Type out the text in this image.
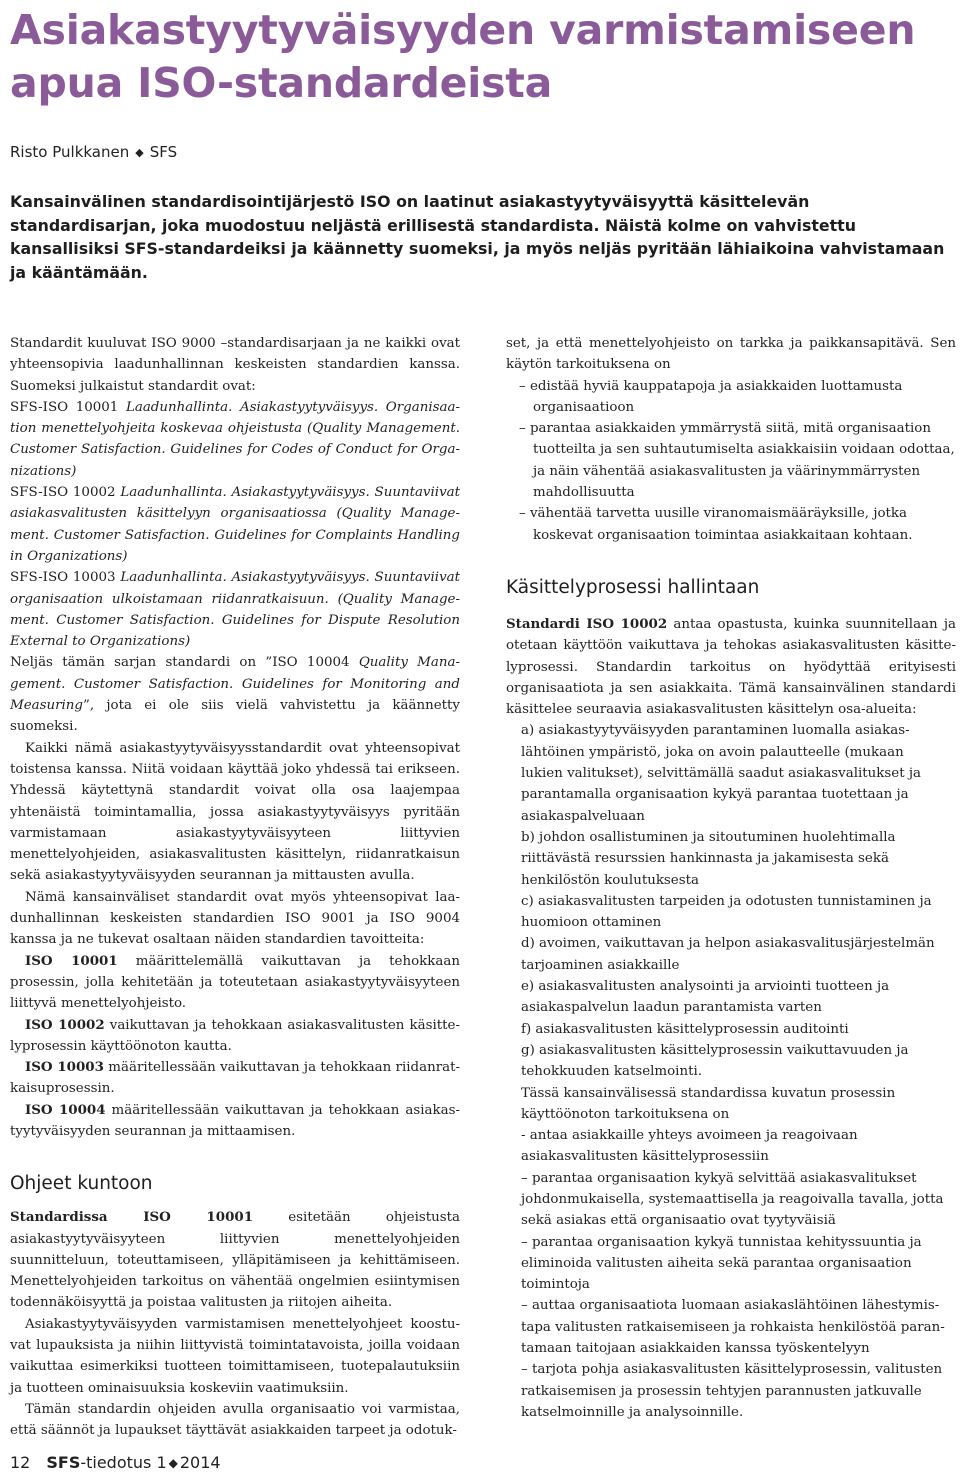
Asiakastyytyväisyyden varmistamiseen apua ISO-standardeista

Risto Pulkkanen ◆ SFS

Kansainvälinen standardisointijärjestö ISO on laatinut asiakastyytyväisyyttä käsittelevän standardisarjan, joka muodostuu neljästä erillisestä standardista. Näistä kolme on vahvistettu kansallisiksi SFS-standardeiksi ja käännetty suomeksi, ja myös neljäs pyritään lähiaikoina vahvistamaan ja kääntämään.

Standardit kuuluvat ISO 9000 –standardisarjaan ja ne kaikki ovat yhteensopivia laadunhallinnan keskeisten standardien kanssa. Suomeksi julkaistut standardit ovat:

SFS-ISO 10001 Laadunhallinta. Asiakastyytyväisyys. Organisaation menettelyohjeita koskevaa ohjeistusta (Quality Management. Customer Satisfaction. Guidelines for Codes of Conduct for Organizations)

SFS-ISO 10002 Laadunhallinta. Asiakastyytyväisyys. Suuntaviivat asiakasvalitusten käsittelyyn organisaatiossa (Quality Management. Customer Satisfaction. Guidelines for Complaints Handling in Organizations)

SFS-ISO 10003 Laadunhallinta. Asiakastyytyväisyys. Suuntaviivat organisaation ulkoistamaan riidanratkaisuun. (Quality Management. Customer Satisfaction. Guidelines for Dispute Resolution External to Organizations)

Neljäs tämän sarjan standardi on ”ISO 10004 Quality Management. Customer Satisfaction. Guidelines for Monitoring and Measuring”, jota ei ole siis vielä vahvistettu ja käännetty suomeksi.

Kaikki nämä asiakastyytyväisyysstandardit ovat yhteensopivat toistensa kanssa. Niitä voidaan käyttää joko yhdessä tai erikseen. Yhdessä käytettynä standardit voivat olla osa laajempaa yhtenäistä toimintamallia, jossa asiakastyytyväisyys pyritään varmistamaan asiakastyytyväisyyteen liittyvien menettelyohjeiden, asiakasvalitusten käsittelyn, riidanratkaisun sekä asiakastyytyväisyyden seurannan ja mittausten avulla.

Nämä kansainväliset standardit ovat myös yhteensopivat laadunhallinnan keskeisten standardien ISO 9001 ja ISO 9004 kanssa ja ne tukevat osaltaan näiden standardien tavoitteita:

ISO 10001 määrittelemällä vaikuttavan ja tehokkaan prosessin, jolla kehitetään ja toteutetaan asiakastyytyväisyyteen liittyvä menettelyohjeisto.

ISO 10002 vaikuttavan ja tehokkaan asiakasvalitusten käsittelyprosessin käyttöönoton kautta.

ISO 10003 määritellessään vaikuttavan ja tehokkaan riidanratkaisuprosessin.

ISO 10004 määritellessään vaikuttavan ja tehokkaan asiakastyytyväisyyden seurannan ja mittaamisen.

Ohjeet kuntoon

Standardissa ISO 10001 esitetään ohjeistusta asiakastyytyväisyyteen liittyvien menettelyohjeiden suunnitteluun, toteuttamiseen, ylläpitämiseen ja kehittämiseen. Menettelyohjeiden tarkoitus on vähentää ongelmien esiintymisen todennäköisyyttä ja poistaa valitusten ja riitojen aiheita.

Asiakastyytyväisyyden varmistamisen menettelyohjeet koostuvat lupauksista ja niihin liittyvistä toimintatavoista, joilla voidaan vaikuttaa esimerkiksi tuotteen toimittamiseen, tuotepalautuksiin ja tuotteen ominaisuuksia koskeviin vaatimuksiin.

Tämän standardin ohjeiden avulla organisaatio voi varmistaa, että säännöt ja lupaukset täyttävät asiakkaiden tarpeet ja odotuk-

set, ja että menettelyohjeisto on tarkka ja paikkansapitävä. Sen käytön tarkoituksena on

– edistää hyviä kauppatapoja ja asiakkaiden luottamusta organisaatioon

– parantaa asiakkaiden ymmärrystä siitä, mitä organisaation tuotteilta ja sen suhtautumiselta asiakkaisiin voidaan odottaa, ja näin vähentää asiakasvalitusten ja väärinymmärrysten mahdollisuutta

– vähentää tarvetta uusille viranomaismääräyksille, jotka koskevat organisaation toimintaa asiakkaitaan kohtaan.

Käsittelyprosessi hallintaan

Standardi ISO 10002 antaa opastusta, kuinka suunnitellaan ja otetaan käyttöön vaikuttava ja tehokas asiakasvalitusten käsittelyprosessi. Standardin tarkoitus on hyödyttää erityisesti organisaatiota ja sen asiakkaita. Tämä kansainvälinen standardi käsittelee seuraavia asiakasvalitusten käsittelyn osa-alueita:

a) asiakastyytyväisyyden parantaminen luomalla asiakaslähtöinen ympäristö, joka on avoin palautteelle (mukaan lukien valitukset), selvittämällä saadut asiakasvalitukset ja parantamalla organisaation kykyä parantaa tuotettaan ja asiakaspalveluaan

b) johdon osallistuminen ja sitoutuminen huolehtimalla riittävästä resurssien hankinnasta ja jakamisesta sekä henkilöstön koulutuksesta

c) asiakasvalitusten tarpeiden ja odotusten tunnistaminen ja huomioon ottaminen

d) avoimen, vaikuttavan ja helpon asiakasvalitusjärjestelmän tarjoaminen asiakkaille

e) asiakasvalitusten analysointi ja arviointi tuotteen ja asiakaspalvelun laadun parantamista varten

f) asiakasvalitusten käsittelyprosessin auditointi

g) asiakasvalitusten käsittelyprosessin vaikuttavuuden ja tehokkuuden katselmointi.

Tässä kansainvälisessä standardissa kuvatun prosessin käyttöönoton tarkoituksena on

- antaa asiakkaille yhteys avoimeen ja reagoivaan asiakasvalitusten käsittelyprosessiin

– parantaa organisaation kykyä selvittää asiakasvalitukset johdonmukaisella, systemaattisella ja reagoivalla tavalla, jotta sekä asiakas että organisaatio ovat tyytyväisiä

– parantaa organisaation kykyä tunnistaa kehityssuuntia ja eliminoida valitusten aiheita sekä parantaa organisaation toimintoja

– auttaa organisaatiota luomaan asiakaslähtöinen lähestymistapa valitusten ratkaisemiseen ja rohkaista henkilöstöä parantamaan taitojaan asiakkaiden kanssa työskentelyyn

– tarjota pohja asiakasvalitusten käsittelyprosessin, valitusten ratkaisemisen ja prosessin tehtyjen parannusten jatkuvalle katselmoinnille ja analysoinnille.

12 SFS-tiedotus 1 ◆ 2014
